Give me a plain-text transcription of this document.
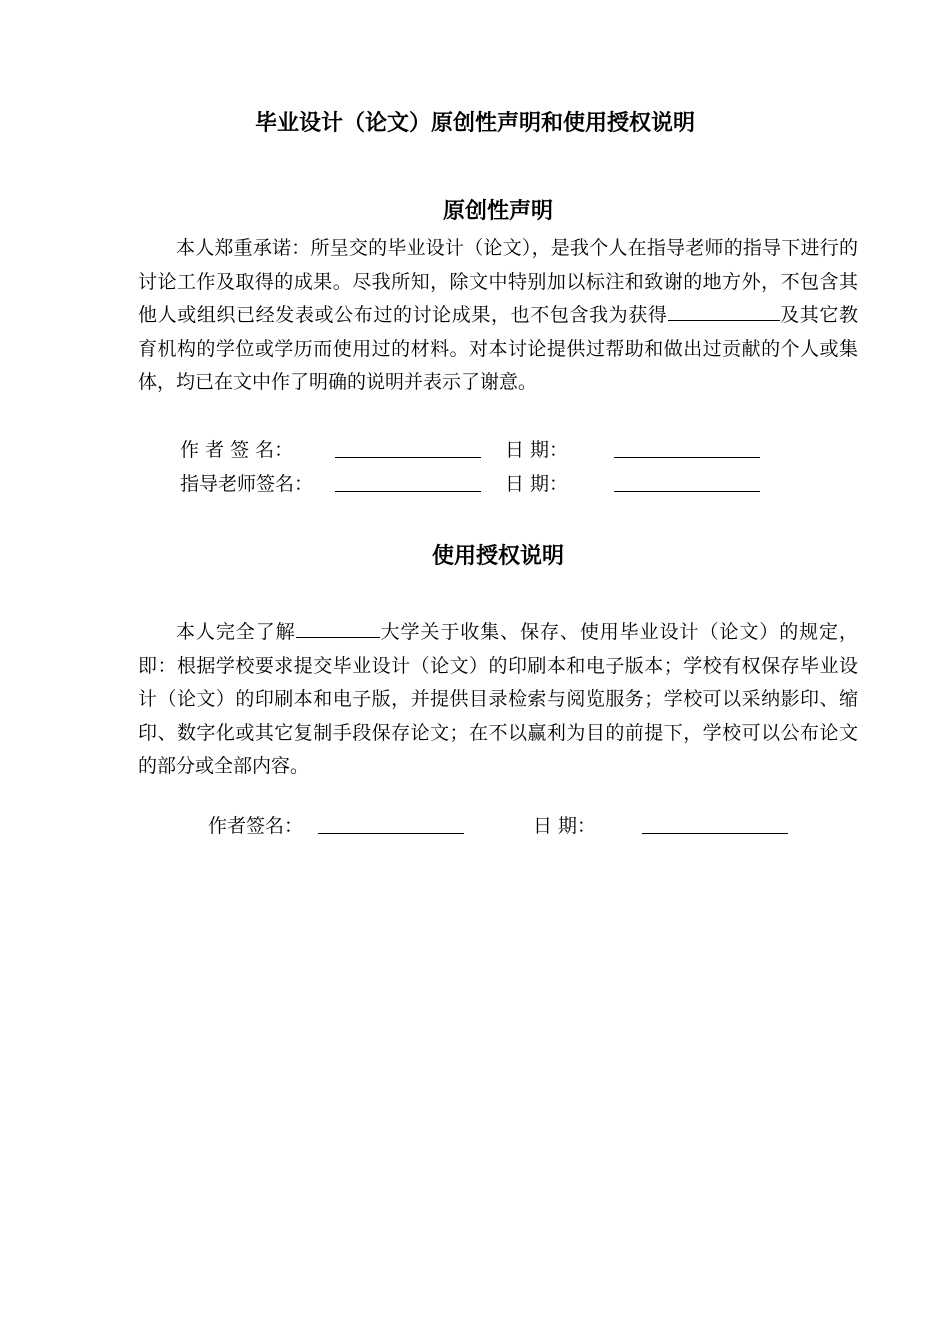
毕业设计（论文）原创性声明和使用授权说明
原创性声明

本人郑重承诺：所呈交的毕业设计（论文），是我个人在指导老师的指导下进行的讨论工作及取得的成果。尽我所知，除文中特别加以标注和致谢的地方外，不包含其他人或组织已经发表或公布过的讨论成果，也不包含我为获得	及其它教育机构的学位或学历而使用过的材料。对本讨论提供过帮助和做出过贡献的个人或集体，均已在文中作了明确的说明并表示了谢意。

作 者 签 名：	日 期：
指导老师签名：	日 期：
使用授权说明

本人完全了解	大学关于收集、保存、使用毕业设计（论文）的规定，即：根据学校要求提交毕业设计（论文）的印刷本和电子版本；学校有权保存毕业设计（论文）的印刷本和电子版，并提供目录检索与阅览服务；学校可以采纳影印、缩印、数字化或其它复制手段保存论文；在不以赢利为目的前提下，学校可以公布论文的部分或全部内容。

作者签名：	日 期：
